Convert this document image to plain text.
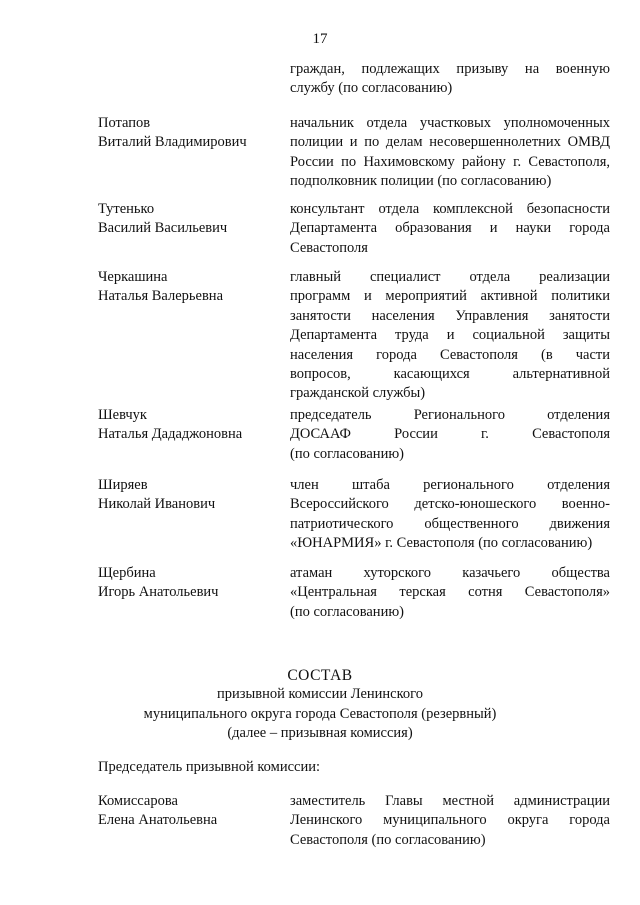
17
граждан, подлежащих призыву на военную
службу (по согласованию)
Потапов
Виталий Владимирович
начальник отдела участковых уполномоченных
полиции и по делам несовершеннолетних ОМВД
России по Нахимовскому району г. Севастополя,
подполковник полиции (по согласованию)
Тутенько
Василий Васильевич
консультант отдела комплексной безопасности
Департамента образования и науки города
Севастополя
Черкашина
Наталья Валерьевна
главный специалист отдела реализации
программ и мероприятий активной политики
занятости населения Управления занятости
Департамента труда и социальной защиты
населения города Севастополя (в части
вопросов, касающихся альтернативной
гражданской службы)
Шевчук
Наталья Дададжоновна
председатель Регионального отделения
ДОСААФ России г. Севастополя
(по согласованию)
Ширяев
Николай Иванович
член штаба регионального отделения
Всероссийского детско-юношеского военно-
патриотического общественного движения
«ЮНАРМИЯ» г. Севастополя (по согласованию)
Щербина
Игорь Анатольевич
атаман хуторского казачьего общества
«Центральная терская сотня Севастополя»
(по согласованию)
СОСТАВ
призывной комиссии Ленинского
муниципального округа города Севастополя (резервный)
(далее – призывная комиссия)
Председатель призывной комиссии:
Комиссарова
Елена Анатольевна
заместитель Главы местной администрации
Ленинского муниципального округа города
Севастополя (по согласованию)
